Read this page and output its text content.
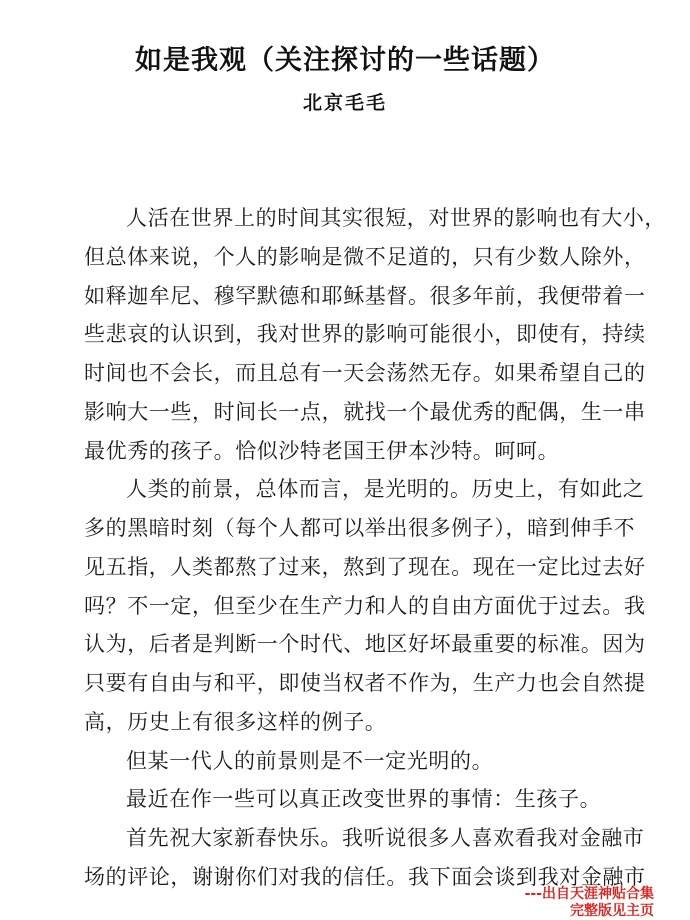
如是我观（关注探讨的一些话题）
北京毛毛
人活在世界上的时间其实很短，对世界的影响也有大小，
但总体来说，个人的影响是微不足道的，只有少数人除外，
如释迦牟尼、穆罕默德和耶稣基督。很多年前，我便带着一
些悲哀的认识到，我对世界的影响可能很小，即使有，持续
时间也不会长，而且总有一天会荡然无存。如果希望自己的
影响大一些，时间长一点，就找一个最优秀的配偶，生一串
最优秀的孩子。恰似沙特老国王伊本沙特。呵呵。
人类的前景，总体而言，是光明的。历史上，有如此之
多的黑暗时刻（每个人都可以举出很多例子），暗到伸手不
见五指，人类都熬了过来，熬到了现在。现在一定比过去好
吗？不一定，但至少在生产力和人的自由方面优于过去。我
认为，后者是判断一个时代、地区好坏最重要的标准。因为
只要有自由与和平，即使当权者不作为，生产力也会自然提
高，历史上有很多这样的例子。
但某一代人的前景则是不一定光明的。
最近在作一些可以真正改变世界的事情：生孩子。
首先祝大家新春快乐。我听说很多人喜欢看我对金融市
场的评论，谢谢你们对我的信任。我下面会谈到我对金融市
---出自天涯神贴合集
完整版见主页
